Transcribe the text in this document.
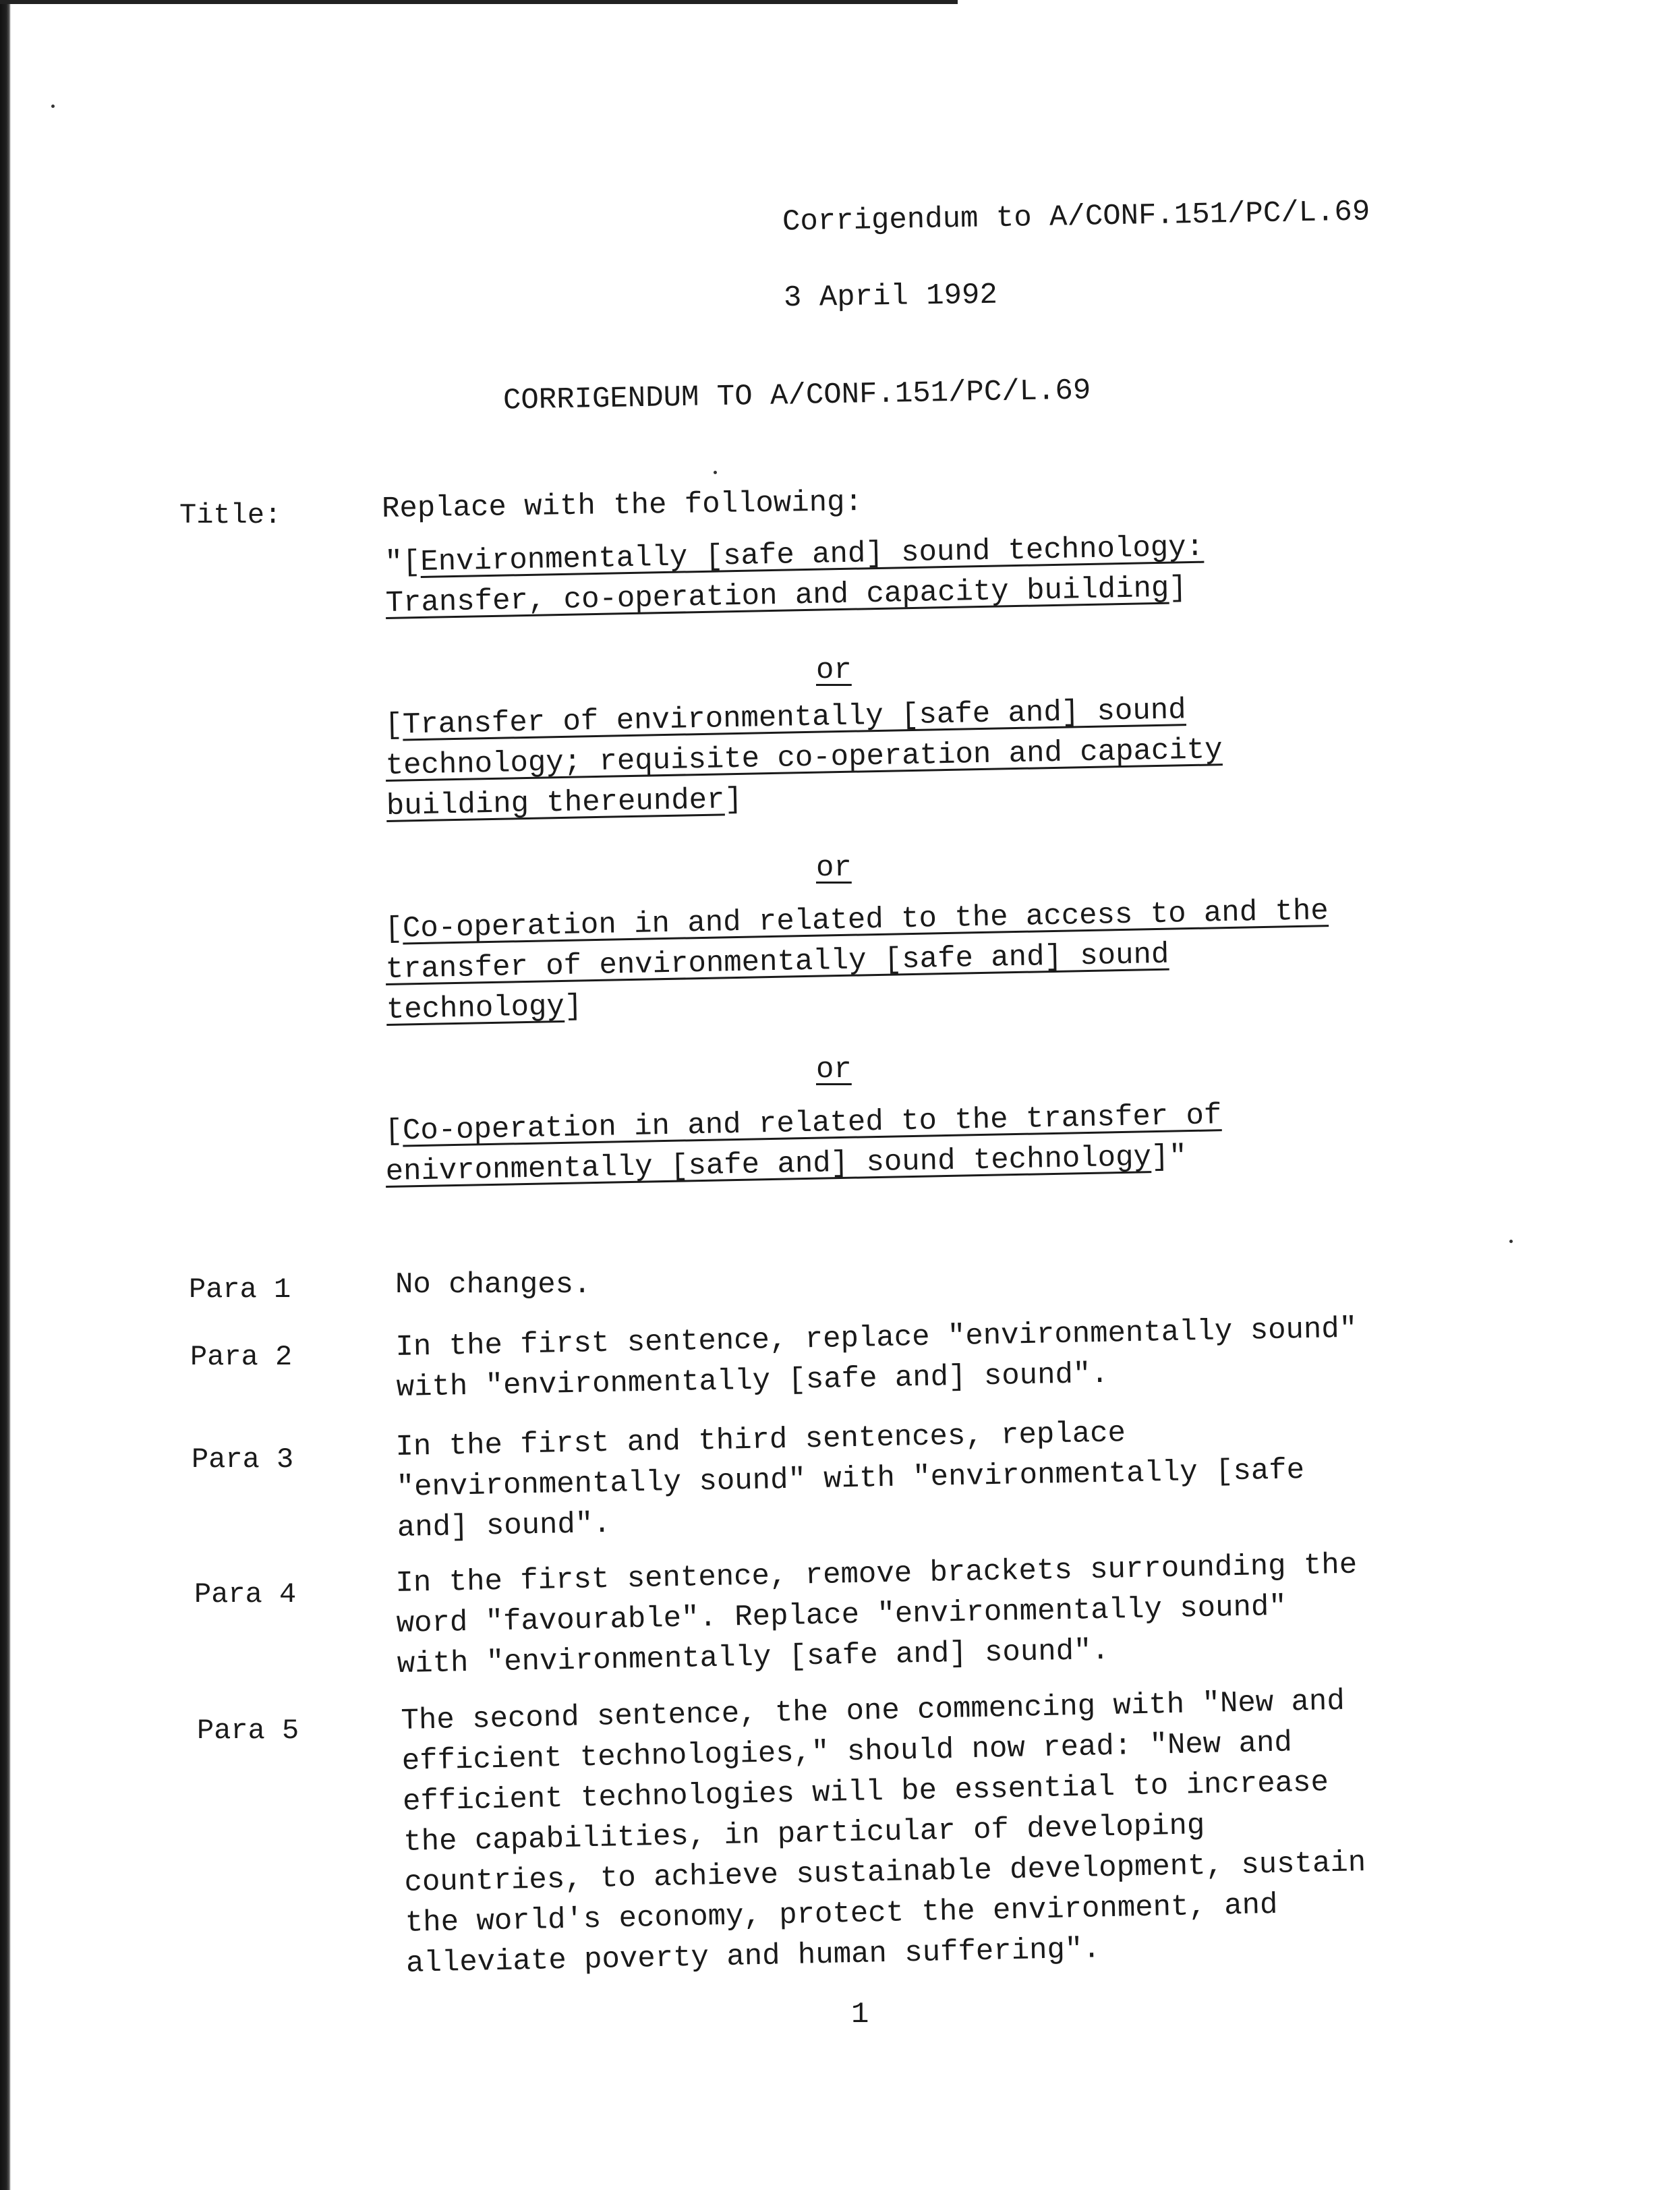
Corrigendum to A/CONF.151/PC/L.69
3 April 1992
CORRIGENDUM TO A/CONF.151/PC/L.69
Title:	Replace with the following:
"[Environmentally [safe and] sound technology:
Transfer, co-operation and capacity building]
or
[Transfer of environmentally [safe and] sound
technology; requisite co-operation and capacity
building thereunder]
or
[Co-operation in and related to the access to and the
transfer of environmentally [safe and] sound
technology]
or
[Co-operation in and related to the transfer of
enivronmentally [safe and] sound technology]"
Para 1	No changes.
Para 2	In the first sentence, replace "environmentally sound"
with "environmentally [safe and] sound".
Para 3	In the first and third sentences, replace
"environmentally sound" with "environmentally [safe
and] sound".
Para 4	In the first sentence, remove brackets surrounding the
word "favourable". Replace "environmentally sound"
with "environmentally [safe and] sound".
Para 5	The second sentence, the one commencing with "New and
efficient technologies," should now read: "New and
efficient technologies will be essential to increase
the capabilities, in particular of developing
countries, to achieve sustainable development, sustain
the world's economy, protect the environment, and
alleviate poverty and human suffering".
1
